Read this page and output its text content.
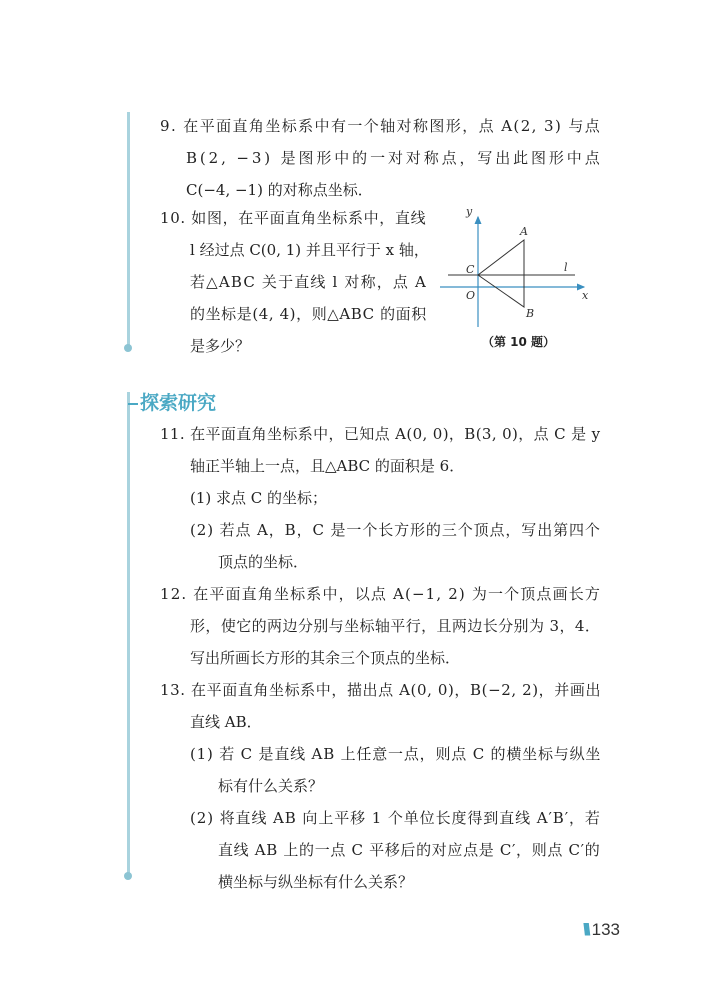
9. 在平面直角坐标系中有一个轴对称图形，点 A(2, 3) 与点
B(2, −3) 是图形中的一对对称点，写出此图形中点
C(−4, −1) 的对称点坐标．
10. 如图，在平面直角坐标系中，直线
l 经过点 C(0, 1) 并且平行于 x 轴，
若△ABC 关于直线 l 对称，点 A
的坐标是(4, 4)，则△ABC 的面积
是多少？
y
x
A
B
C
O
l
（第 10 题）
探索研究
11. 在平面直角坐标系中，已知点 A(0, 0)，B(3, 0)，点 C 是 y
轴正半轴上一点，且△ABC 的面积是 6．
(1) 求点 C 的坐标；
(2) 若点 A，B，C 是一个长方形的三个顶点，写出第四个
顶点的坐标．
12. 在平面直角坐标系中，以点 A(−1, 2) 为一个顶点画长方
形，使它的两边分别与坐标轴平行，且两边长分别为 3，4．
写出所画长方形的其余三个顶点的坐标．
13. 在平面直角坐标系中，描出点 A(0, 0)，B(−2, 2)，并画出
直线 AB．
(1) 若 C 是直线 AB 上任意一点，则点 C 的横坐标与纵坐
标有什么关系？
(2) 将直线 AB 向上平移 1 个单位长度得到直线 A′B′，若
直线 AB 上的一点 C 平移后的对应点是 C′，则点 C′的
横坐标与纵坐标有什么关系？
\\\ 133
